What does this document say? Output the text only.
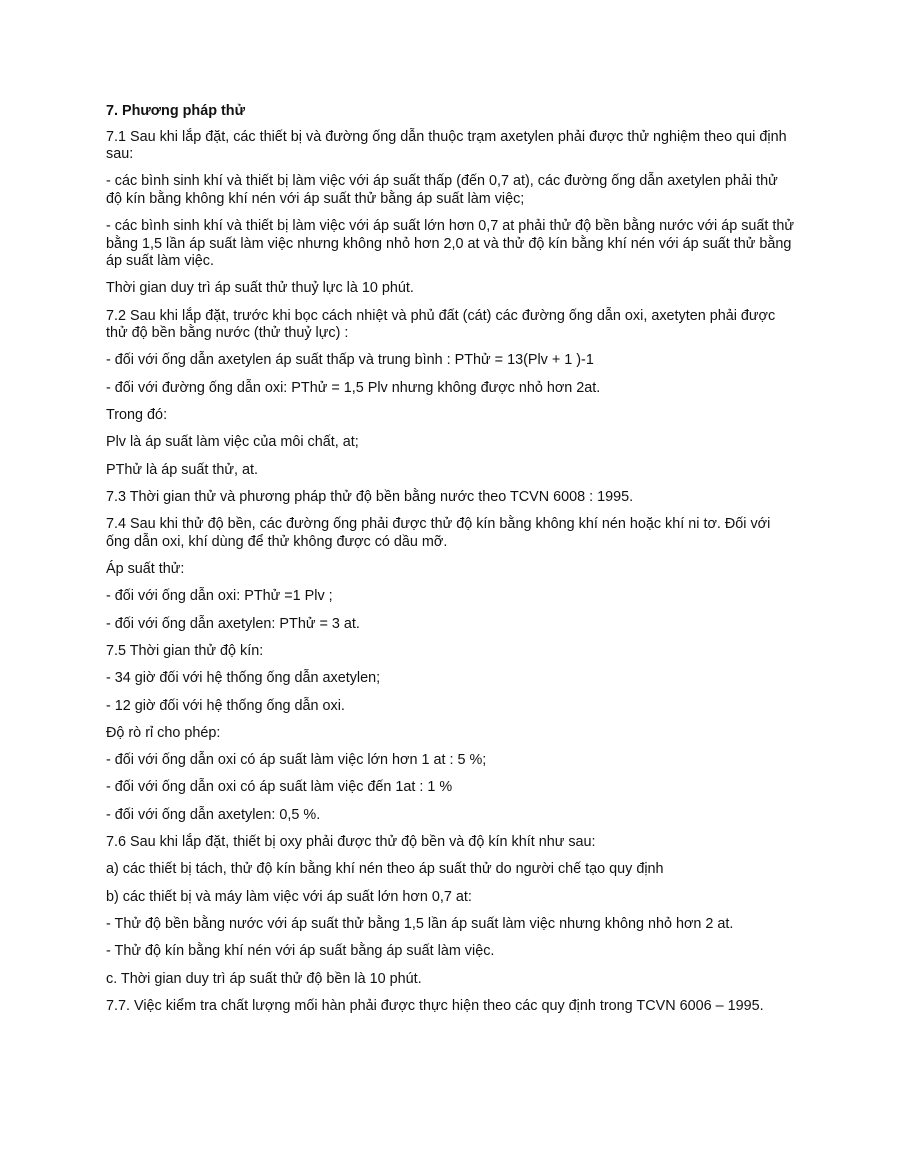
7. Phương pháp thử

7.1 Sau khi lắp đặt, các thiết bị và đường ống dẫn thuộc trạm axetylen phải được thử nghiệm theo qui định sau:

- các bình sinh khí và thiết bị làm việc với áp suất thấp (đến 0,7 at), các đường ống dẫn axetylen phải thử độ kín bằng không khí nén với áp suất thử bằng áp suất làm việc;

- các bình sinh khí và thiết bị làm việc với áp suất lớn hơn 0,7 at phải thử độ bền bằng nước với áp suất thử bằng 1,5 lần áp suất làm việc nhưng không nhỏ hơn 2,0 at và thử độ kín bằng khí nén với áp suất thử bằng áp suất làm việc.

Thời gian duy trì áp suất thử thuỷ lực là 10 phút.

7.2 Sau khi lắp đặt, trước khi bọc cách nhiệt và phủ đất (cát) các đường ống dẫn oxi, axetyten phải được thử độ bền bằng nước (thử thuỷ lực) :

- đối với ống dẫn axetylen áp suất thấp và trung bình : PThử = 13(Plv + 1 )-1

- đối với đường ống dẫn oxi: PThử = 1,5 Plv nhưng không được nhỏ hơn 2at.

Trong đó:

Plv là áp suất làm việc của môi chất, at;

PThử là áp suất thử, at.

7.3 Thời gian thử và phương pháp thử độ bền bằng nước theo TCVN 6008 : 1995.

7.4 Sau khi thử độ bền, các đường ống phải được thử độ kín bằng không khí nén hoặc khí ni tơ. Đối với ống dẫn oxi, khí dùng để thử không được có dầu mỡ.

Áp suất thử:

- đối với ống dẫn oxi: PThử =1 Plv ;

- đối với ống dẫn axetylen: PThử = 3 at.

7.5 Thời gian thử độ kín:

- 34 giờ đối với hệ thống ống dẫn axetylen;

- 12 giờ đối với hệ thống ống dẫn oxi.

Độ rò rỉ cho phép:

- đối với ống dẫn oxi có áp suất làm việc lớn hơn 1 at : 5 %;

- đối với ống dẫn oxi có áp suất làm việc đến 1at : 1 %

- đối với ống dẫn axetylen: 0,5 %.

7.6 Sau khi lắp đặt, thiết bị oxy phải được thử độ bền và độ kín khít như sau:

a) các thiết bị tách, thử độ kín bằng khí nén theo áp suất thử do người chế tạo quy định

b) các thiết bị và máy làm việc với áp suất lớn hơn 0,7 at:

- Thử độ bền bằng nước với áp suất thử bằng 1,5 lần áp suất làm việc nhưng không nhỏ hơn 2 at.

- Thử độ kín bằng khí nén với áp suất bằng áp suất làm việc.

c. Thời gian duy trì áp suất thử độ bền là 10 phút.

7.7. Việc kiểm tra chất lượng mối hàn phải được thực hiện theo các quy định trong TCVN 6006 – 1995.
